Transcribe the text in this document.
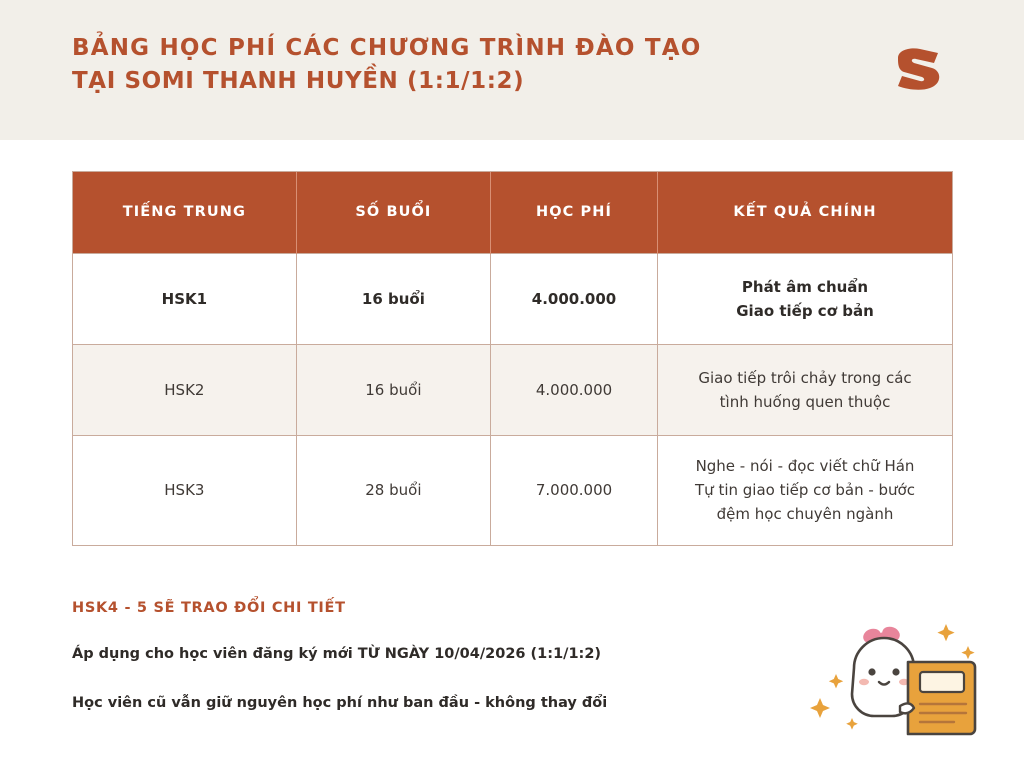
BẢNG HỌC PHÍ CÁC CHƯƠNG TRÌNH ĐÀO TẠO
TẠI SOMI THANH HUYỀN (1:1/1:2)
TIẾNG TRUNG	SỐ BUỔI	HỌC PHÍ	KẾT QUẢ CHÍNH
HSK1	16 buổi	4.000.000	Phát âm chuẩn
Giao tiếp cơ bản

HSK2	16 buổi	4.000.000	Giao tiếp trôi chảy trong các
tình huống quen thuộc

HSK3	28 buổi	7.000.000	Nghe - nói - đọc viết chữ Hán
Tự tin giao tiếp cơ bản - bước
đệm học chuyên ngành

HSK4 - 5 SẼ TRAO ĐỔI CHI TIẾT

Áp dụng cho học viên đăng ký mới TỪ NGÀY 10/04/2026 (1:1/1:2)

Học viên cũ vẫn giữ nguyên học phí như ban đầu - không thay đổi
